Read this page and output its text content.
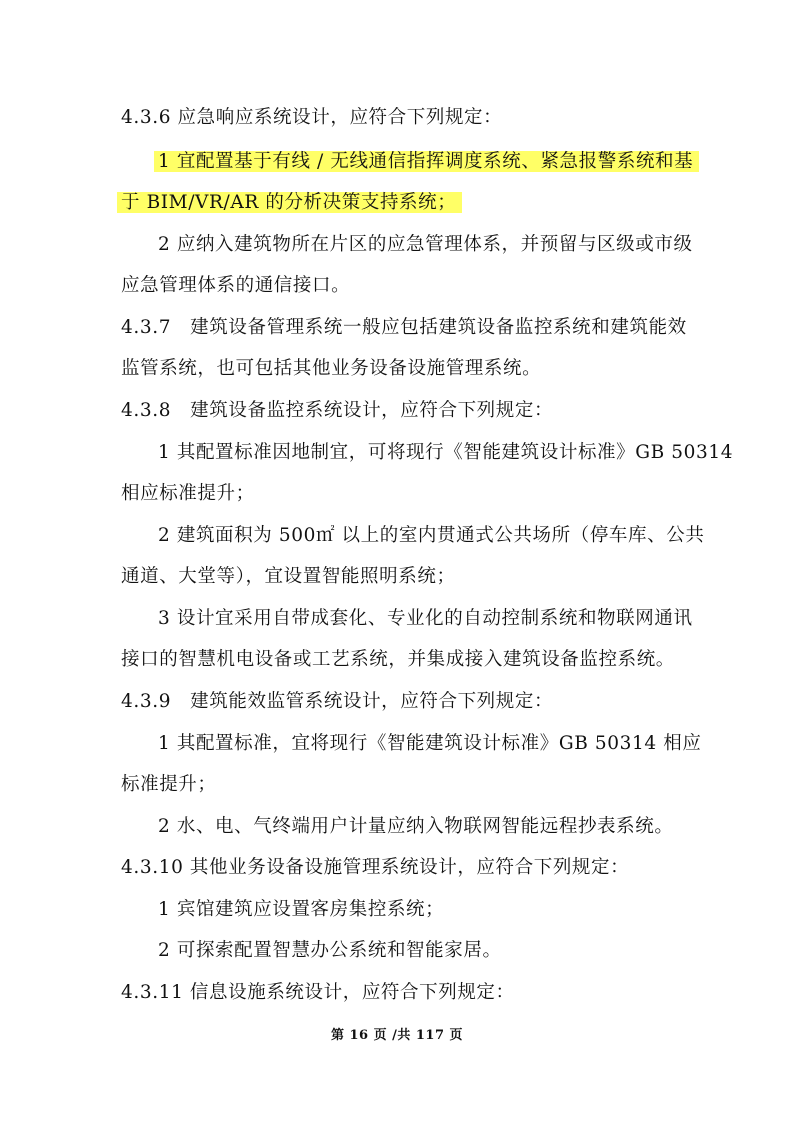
4.3.6 应急响应系统设计，应符合下列规定：
1 宜配置基于有线 / 无线通信指挥调度系统、紧急报警系统和基
于 BIM/VR/AR 的分析决策支持系统；
2 应纳入建筑物所在片区的应急管理体系，并预留与区级或市级
应急管理体系的通信接口。
4.3.7　建筑设备管理系统一般应包括建筑设备监控系统和建筑能效
监管系统，也可包括其他业务设备设施管理系统。
4.3.8　建筑设备监控系统设计，应符合下列规定：
1 其配置标准因地制宜，可将现行《智能建筑设计标准》GB 50314
相应标准提升；
2 建筑面积为 500㎡ 以上的室内贯通式公共场所（停车库、公共
通道、大堂等），宜设置智能照明系统；
3 设计宜采用自带成套化、专业化的自动控制系统和物联网通讯
接口的智慧机电设备或工艺系统，并集成接入建筑设备监控系统。
4.3.9　建筑能效监管系统设计，应符合下列规定：
1 其配置标准，宜将现行《智能建筑设计标准》GB 50314 相应
标准提升；
2 水、电、气终端用户计量应纳入物联网智能远程抄表系统。
4.3.10 其他业务设备设施管理系统设计，应符合下列规定：
1 宾馆建筑应设置客房集控系统；
2 可探索配置智慧办公系统和智能家居。
4.3.11 信息设施系统设计，应符合下列规定：
第 16 页 /共 117 页
